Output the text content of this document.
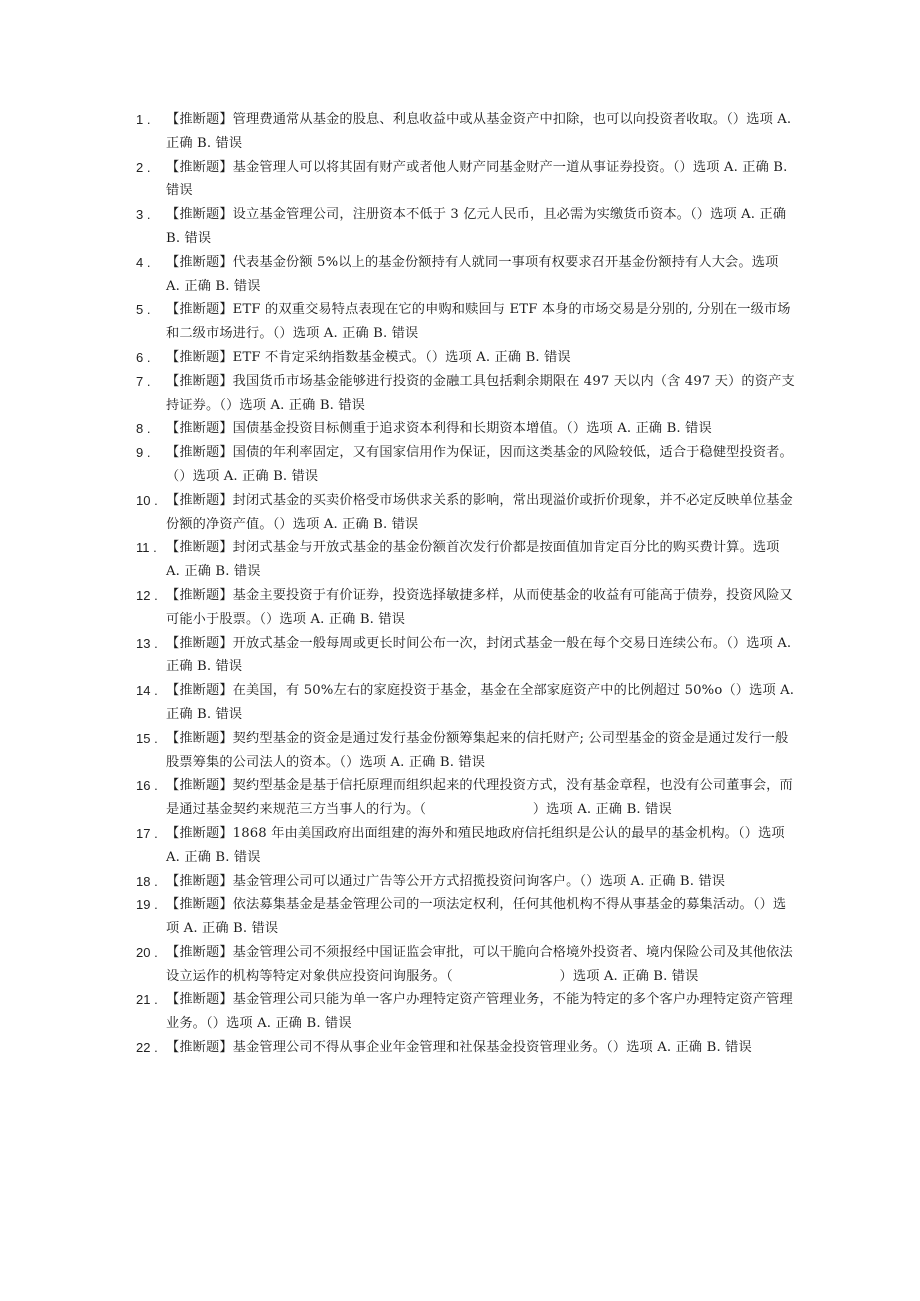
1 .	【推断题】管理费通常从基金的股息、利息收益中或从基金资产中扣除，也可以向投资者收取。（）选项 A. 正确 B. 错误
2 .	【推断题】基金管理人可以将其固有财产或者他人财产同基金财产一道从事证券投资。（）选项 A. 正确 B. 错误
3 .	【推断题】设立基金管理公司，注册资本不低于 3 亿元人民币，且必需为实缴货币资本。（）选项 A. 正确 B. 错误
4 .	【推断题】代表基金份额 5%以上的基金份额持有人就同一事项有权要求召开基金份额持有人大会。选项 A. 正确 B. 错误
5 .	【推断题】ETF 的双重交易特点表现在它的申购和赎回与 ETF 本身的市场交易是分别的, 分别在一级市场和二级市场进行。（）选项 A. 正确 B. 错误
6 .	【推断题】ETF 不肯定采纳指数基金模式。（）选项 A. 正确 B. 错误
7 .	【推断题】我国货币市场基金能够进行投资的金融工具包括剩余期限在 497 天以内（含 497 天）的资产支持证券。（）选项 A. 正确 B. 错误
8 .	【推断题】国债基金投资目标侧重于追求资本利得和长期资本增值。（）选项 A. 正确 B. 错误
9 .	【推断题】国债的年利率固定，又有国家信用作为保证，因而这类基金的风险较低，适合于稳健型投资者。（）选项 A. 正确 B. 错误
10 . 【推断题】封闭式基金的买卖价格受市场供求关系的影响，常出现溢价或折价现象，并不必定反映单位基金份额的净资产值。（）选项 A. 正确 B. 错误
11 . 【推断题】封闭式基金与开放式基金的基金份额首次发行价都是按面值加肯定百分比的购买费计算。选项 A. 正确 B. 错误
12 . 【推断题】基金主要投资于有价证券，投资选择敏捷多样，从而使基金的收益有可能高于债券，投资风险又可能小于股票。（）选项 A. 正确 B. 错误
13 . 【推断题】开放式基金一般每周或更长时间公布一次，封闭式基金一般在每个交易日连续公布。（）选项 A. 正确 B. 错误
14 . 【推断题】在美国，有 50%左右的家庭投资于基金，基金在全部家庭资产中的比例超过 50%o（）选项 A. 正确 B. 错误
15 . 【推断题】契约型基金的资金是通过发行基金份额筹集起来的信托财产; 公司型基金的资金是通过发行一般股票筹集的公司法人的资本。（）选项 A. 正确 B. 错误
16 . 【推断题】契约型基金是基于信托原理而组织起来的代理投资方式，没有基金章程，也没有公司董事会，而是通过基金契约来规范三方当事人的行为。（　　　　　　　　）选项 A. 正确 B. 错误
17 . 【推断题】1868 年由美国政府出面组建的海外和殖民地政府信托组织是公认的最早的基金机构。（）选项 A. 正确 B. 错误
18 . 【推断题】基金管理公司可以通过广告等公开方式招揽投资问询客户。（）选项 A. 正确 B. 错误
19 . 【推断题】依法募集基金是基金管理公司的一项法定权利，任何其他机构不得从事基金的募集活动。（）选项 A. 正确 B. 错误
20 . 【推断题】基金管理公司不须报经中国证监会审批，可以干脆向合格境外投资者、境内保险公司及其他依法设立运作的机构等特定对象供应投资问询服务。（　　　　　　　　）选项 A. 正确 B. 错误
21 . 【推断题】基金管理公司只能为单一客户办理特定资产管理业务，不能为特定的多个客户办理特定资产管理业务。（）选项 A. 正确 B. 错误
22 . 【推断题】基金管理公司不得从事企业年金管理和社保基金投资管理业务。（）选项 A. 正确 B. 错误
